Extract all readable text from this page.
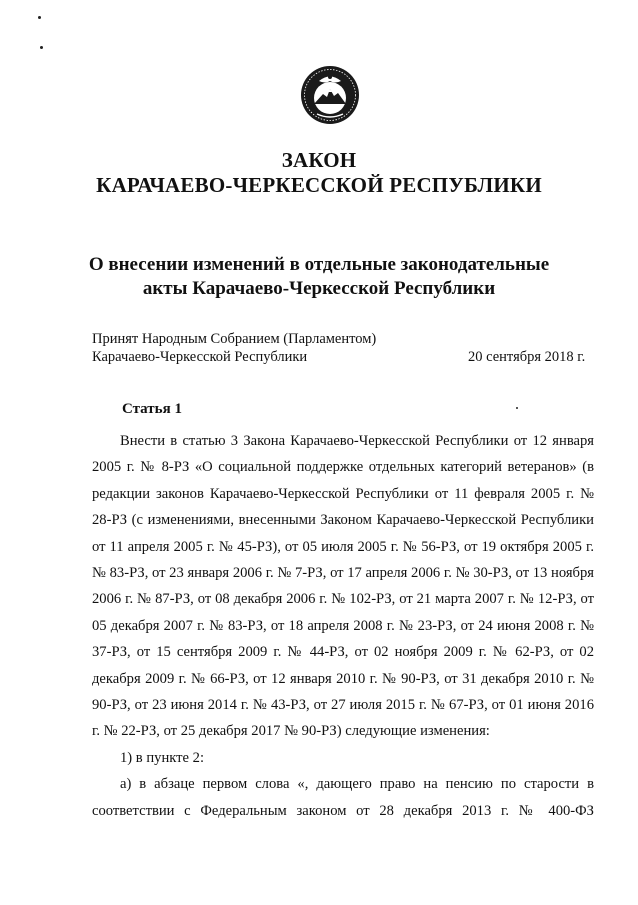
ЗАКОН
КАРАЧАЕВО-ЧЕРКЕССКОЙ РЕСПУБЛИКИ
О внесении изменений в отдельные законодательные
акты Карачаево-Черкесской Республики
Принят Народным Собранием (Парламентом)
Карачаево-Черкесской Республики	20 сентября 2018 г.
Статья 1

Внести в статью 3 Закона Карачаево-Черкесской Республики от 12 января 2005 г. № 8-РЗ «О социальной поддержке отдельных категорий ветеранов» (в редакции законов Карачаево-Черкесской Республики от 11 февраля 2005 г. № 28-РЗ (с изменениями, внесенными Законом Карачаево-Черкесской Республики от 11 апреля 2005 г. № 45-РЗ), от 05 июля 2005 г. № 56-РЗ, от 19 октября 2005 г. № 83-РЗ, от 23 января 2006 г. № 7-РЗ, от 17 апреля 2006 г. № 30-РЗ, от 13 ноября 2006 г. № 87-РЗ, от 08 декабря 2006 г. № 102-РЗ, от 21 марта 2007 г. № 12-РЗ, от 05 декабря 2007 г. № 83-РЗ, от 18 апреля 2008 г. № 23-РЗ, от 24 июня 2008 г. № 37-РЗ, от 15 сентября 2009 г. № 44-РЗ, от 02 ноября 2009 г. № 62-РЗ, от 02 декабря 2009 г. № 66-РЗ, от 12 января 2010 г. № 90-РЗ, от 31 декабря 2010 г. № 90-РЗ, от 23 июня 2014 г. № 43-РЗ, от 27 июля 2015 г. № 67-РЗ, от 01 июня 2016 г. № 22-РЗ, от 25 декабря 2017 № 90-РЗ) следующие изменения:

1) в пункте 2:

а) в абзаце первом слова «, дающего право на пенсию по старости в соответствии с Федеральным законом от 28 декабря 2013 г. № 400-ФЗ
